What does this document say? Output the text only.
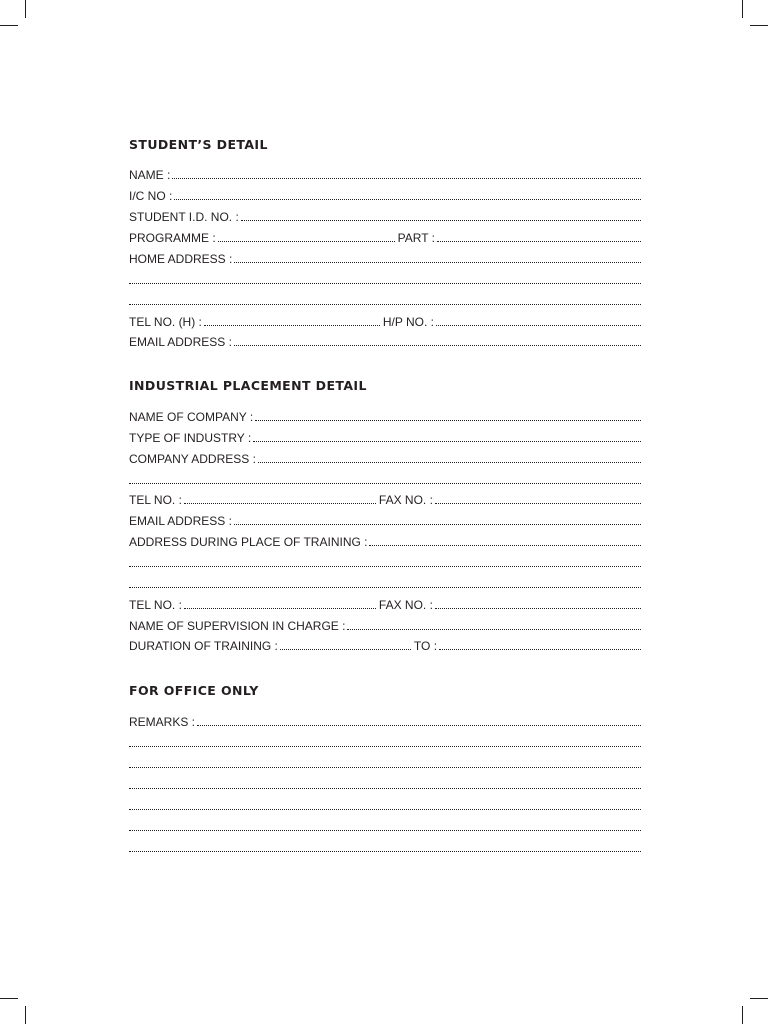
STUDENT’S DETAIL
NAME :
I/C NO :
STUDENT I.D. NO. :
PROGRAMME :	PART :
HOME ADDRESS :
TEL NO. (H) :	H/P NO. :
EMAIL ADDRESS :
INDUSTRIAL PLACEMENT DETAIL
NAME OF COMPANY :
TYPE OF INDUSTRY :
COMPANY ADDRESS :
TEL NO. :	FAX NO. :
EMAIL ADDRESS :
ADDRESS DURING PLACE OF TRAINING :
TEL NO. :	FAX NO. :
NAME OF SUPERVISION IN CHARGE :
DURATION OF TRAINING :	TO :
FOR OFFICE ONLY
REMARKS :
